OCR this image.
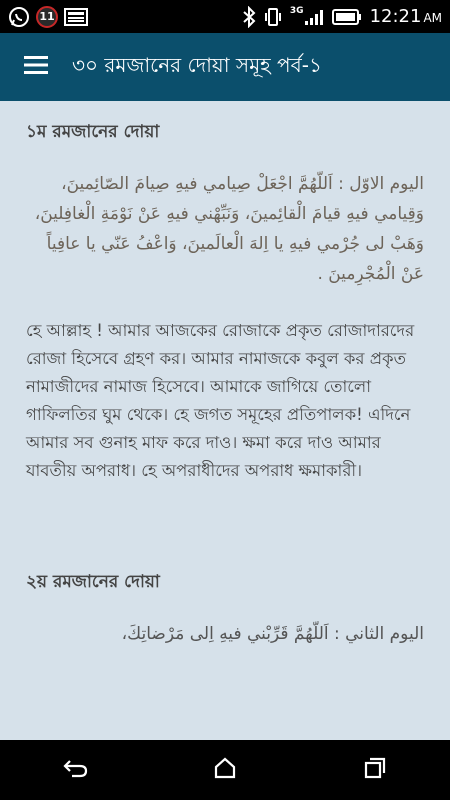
11	3G	12:21 AM
৩০ রমজানের দোয়া সমূহ পর্ব-১
১ম রমজানের দোয়া
اليوم الاوّل : اَللّهُمَّ اجْعَلْ صِيامي فيهِ صِيامَ الصّائِمينَ، وَقِيامي فيهِ قيامَ الْقائِمينَ، وَنَبِّهْني فيهِ عَنْ نَوْمَةِ الْغافِلينَ، وَهَبْ لى جُرْمي فيهِ يا اِلهَ الْعالَمينَ، وَاعْفُ عَنّي يا عافِياً عَنْ الْمُجْرِمينَ .
হে আল্লাহ ! আমার আজকের রোজাকে প্রকৃত রোজাদারদের রোজা হিসেবে গ্রহণ কর। আমার নামাজকে কবুল কর প্রকৃত নামাজীদের নামাজ হিসেবে। আমাকে জাগিয়ে তোলো গাফিলতির ঘুম থেকে। হে জগত সমূহের প্রতিপালক! এদিনে আমার সব গুনাহ মাফ করে দাও। ক্ষমা করে দাও আমার যাবতীয় অপরাধ। হে অপরাধীদের অপরাধ ক্ষমাকারী।
২য় রমজানের দোয়া
اليوم الثاني : اَللّهُمَّ قَرِّبْني فيهِ اِلى مَرْضاتِكَ،
